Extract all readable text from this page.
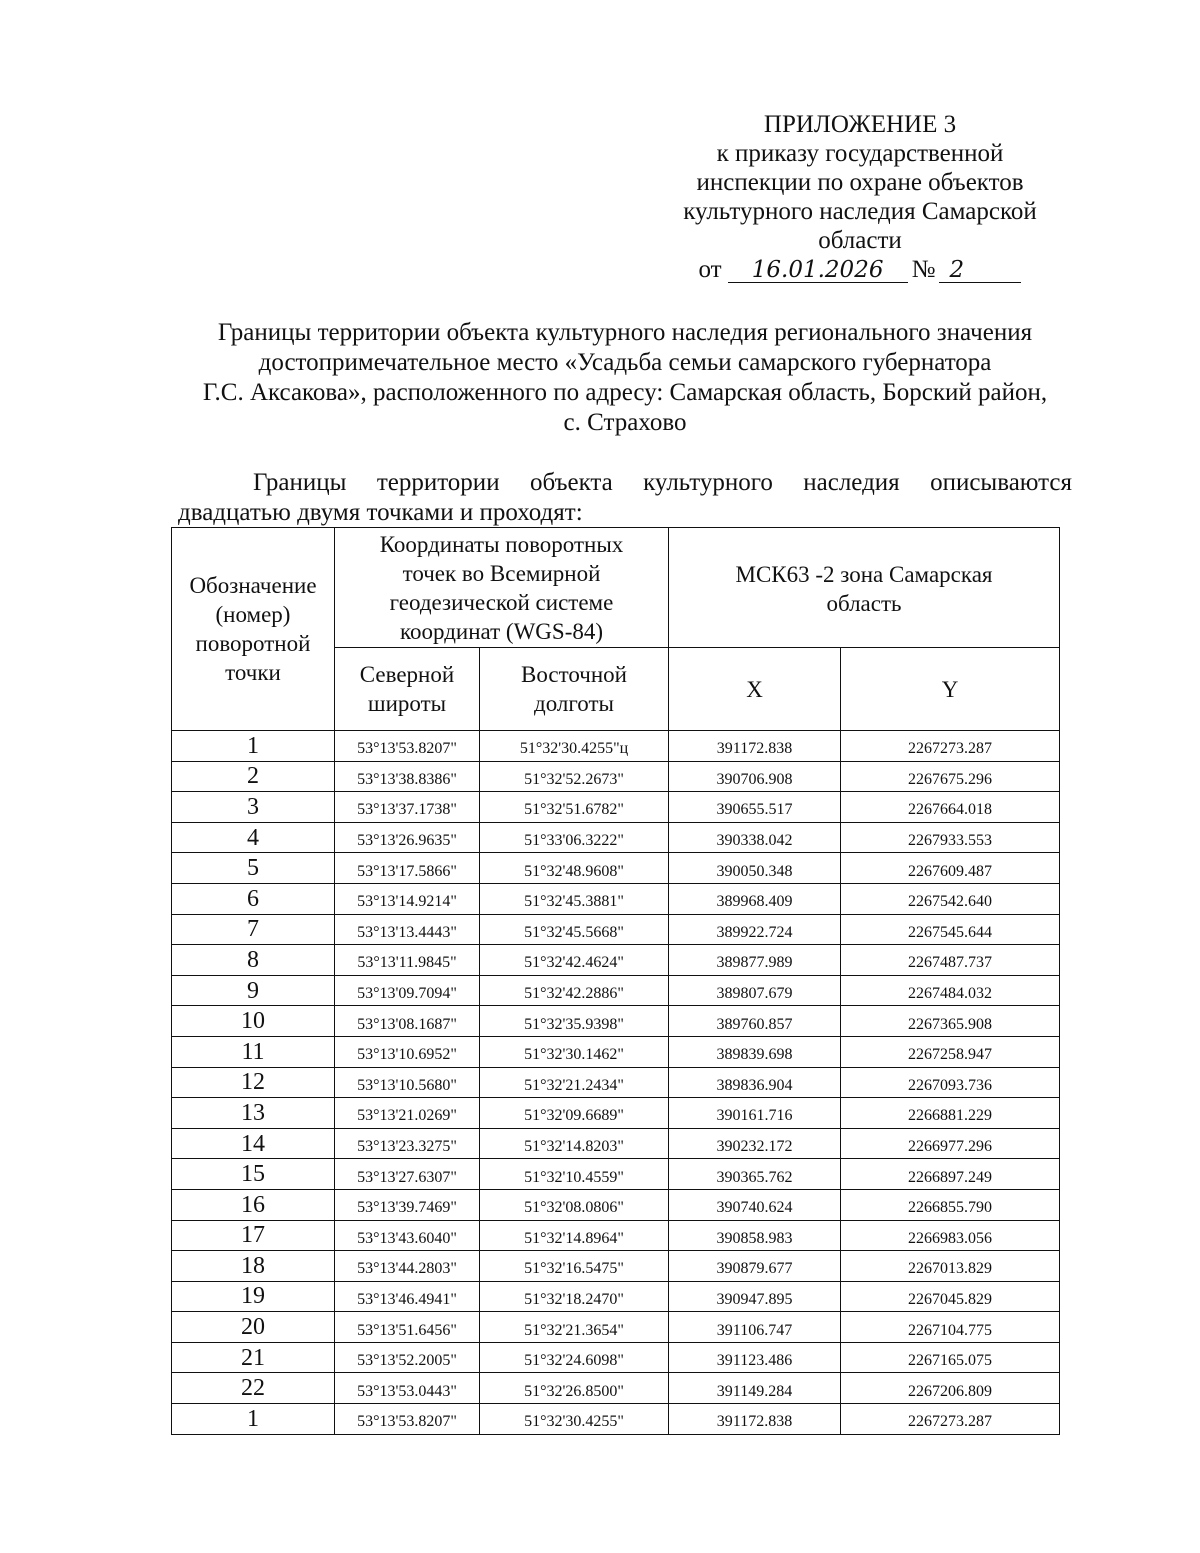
ПРИЛОЖЕНИЕ 3
к приказу государственной
инспекции по охране объектов
культурного наследия Самарской
области
от 16.01.2026 № 2
Границы территории объекта культурного наследия регионального значения
достопримечательное место «Усадьба семьи самарского губернатора
Г.С. Аксакова», расположенного по адресу: Самарская область, Борский район,
с. Страхово
Границы территории объекта культурного наследия описываются
двадцатью двумя точками и проходят:
Обозначение (номер) поворотной точки	Координаты поворотных точек во Всемирной геодезической системе координат (WGS-84)		МСК63 -2 зона Самарская область	
	Северной широты	Восточной долготы	X	Y
1	53°13'53.8207"	51°32'30.4255"ц	391172.838	2267273.287
2	53°13'38.8386"	51°32'52.2673"	390706.908	2267675.296
3	53°13'37.1738"	51°32'51.6782"	390655.517	2267664.018
4	53°13'26.9635"	51°33'06.3222"	390338.042	2267933.553
5	53°13'17.5866"	51°32'48.9608"	390050.348	2267609.487
6	53°13'14.9214"	51°32'45.3881"	389968.409	2267542.640
7	53°13'13.4443"	51°32'45.5668"	389922.724	2267545.644
8	53°13'11.9845"	51°32'42.4624"	389877.989	2267487.737
9	53°13'09.7094"	51°32'42.2886"	389807.679	2267484.032
10	53°13'08.1687"	51°32'35.9398"	389760.857	2267365.908
11	53°13'10.6952"	51°32'30.1462"	389839.698	2267258.947
12	53°13'10.5680"	51°32'21.2434"	389836.904	2267093.736
13	53°13'21.0269"	51°32'09.6689"	390161.716	2266881.229
14	53°13'23.3275"	51°32'14.8203"	390232.172	2266977.296
15	53°13'27.6307"	51°32'10.4559"	390365.762	2266897.249
16	53°13'39.7469"	51°32'08.0806"	390740.624	2266855.790
17	53°13'43.6040"	51°32'14.8964"	390858.983	2266983.056
18	53°13'44.2803"	51°32'16.5475"	390879.677	2267013.829
19	53°13'46.4941"	51°32'18.2470"	390947.895	2267045.829
20	53°13'51.6456"	51°32'21.3654"	391106.747	2267104.775
21	53°13'52.2005"	51°32'24.6098"	391123.486	2267165.075
22	53°13'53.0443"	51°32'26.8500"	391149.284	2267206.809
1	53°13'53.8207"	51°32'30.4255"	391172.838	2267273.287
